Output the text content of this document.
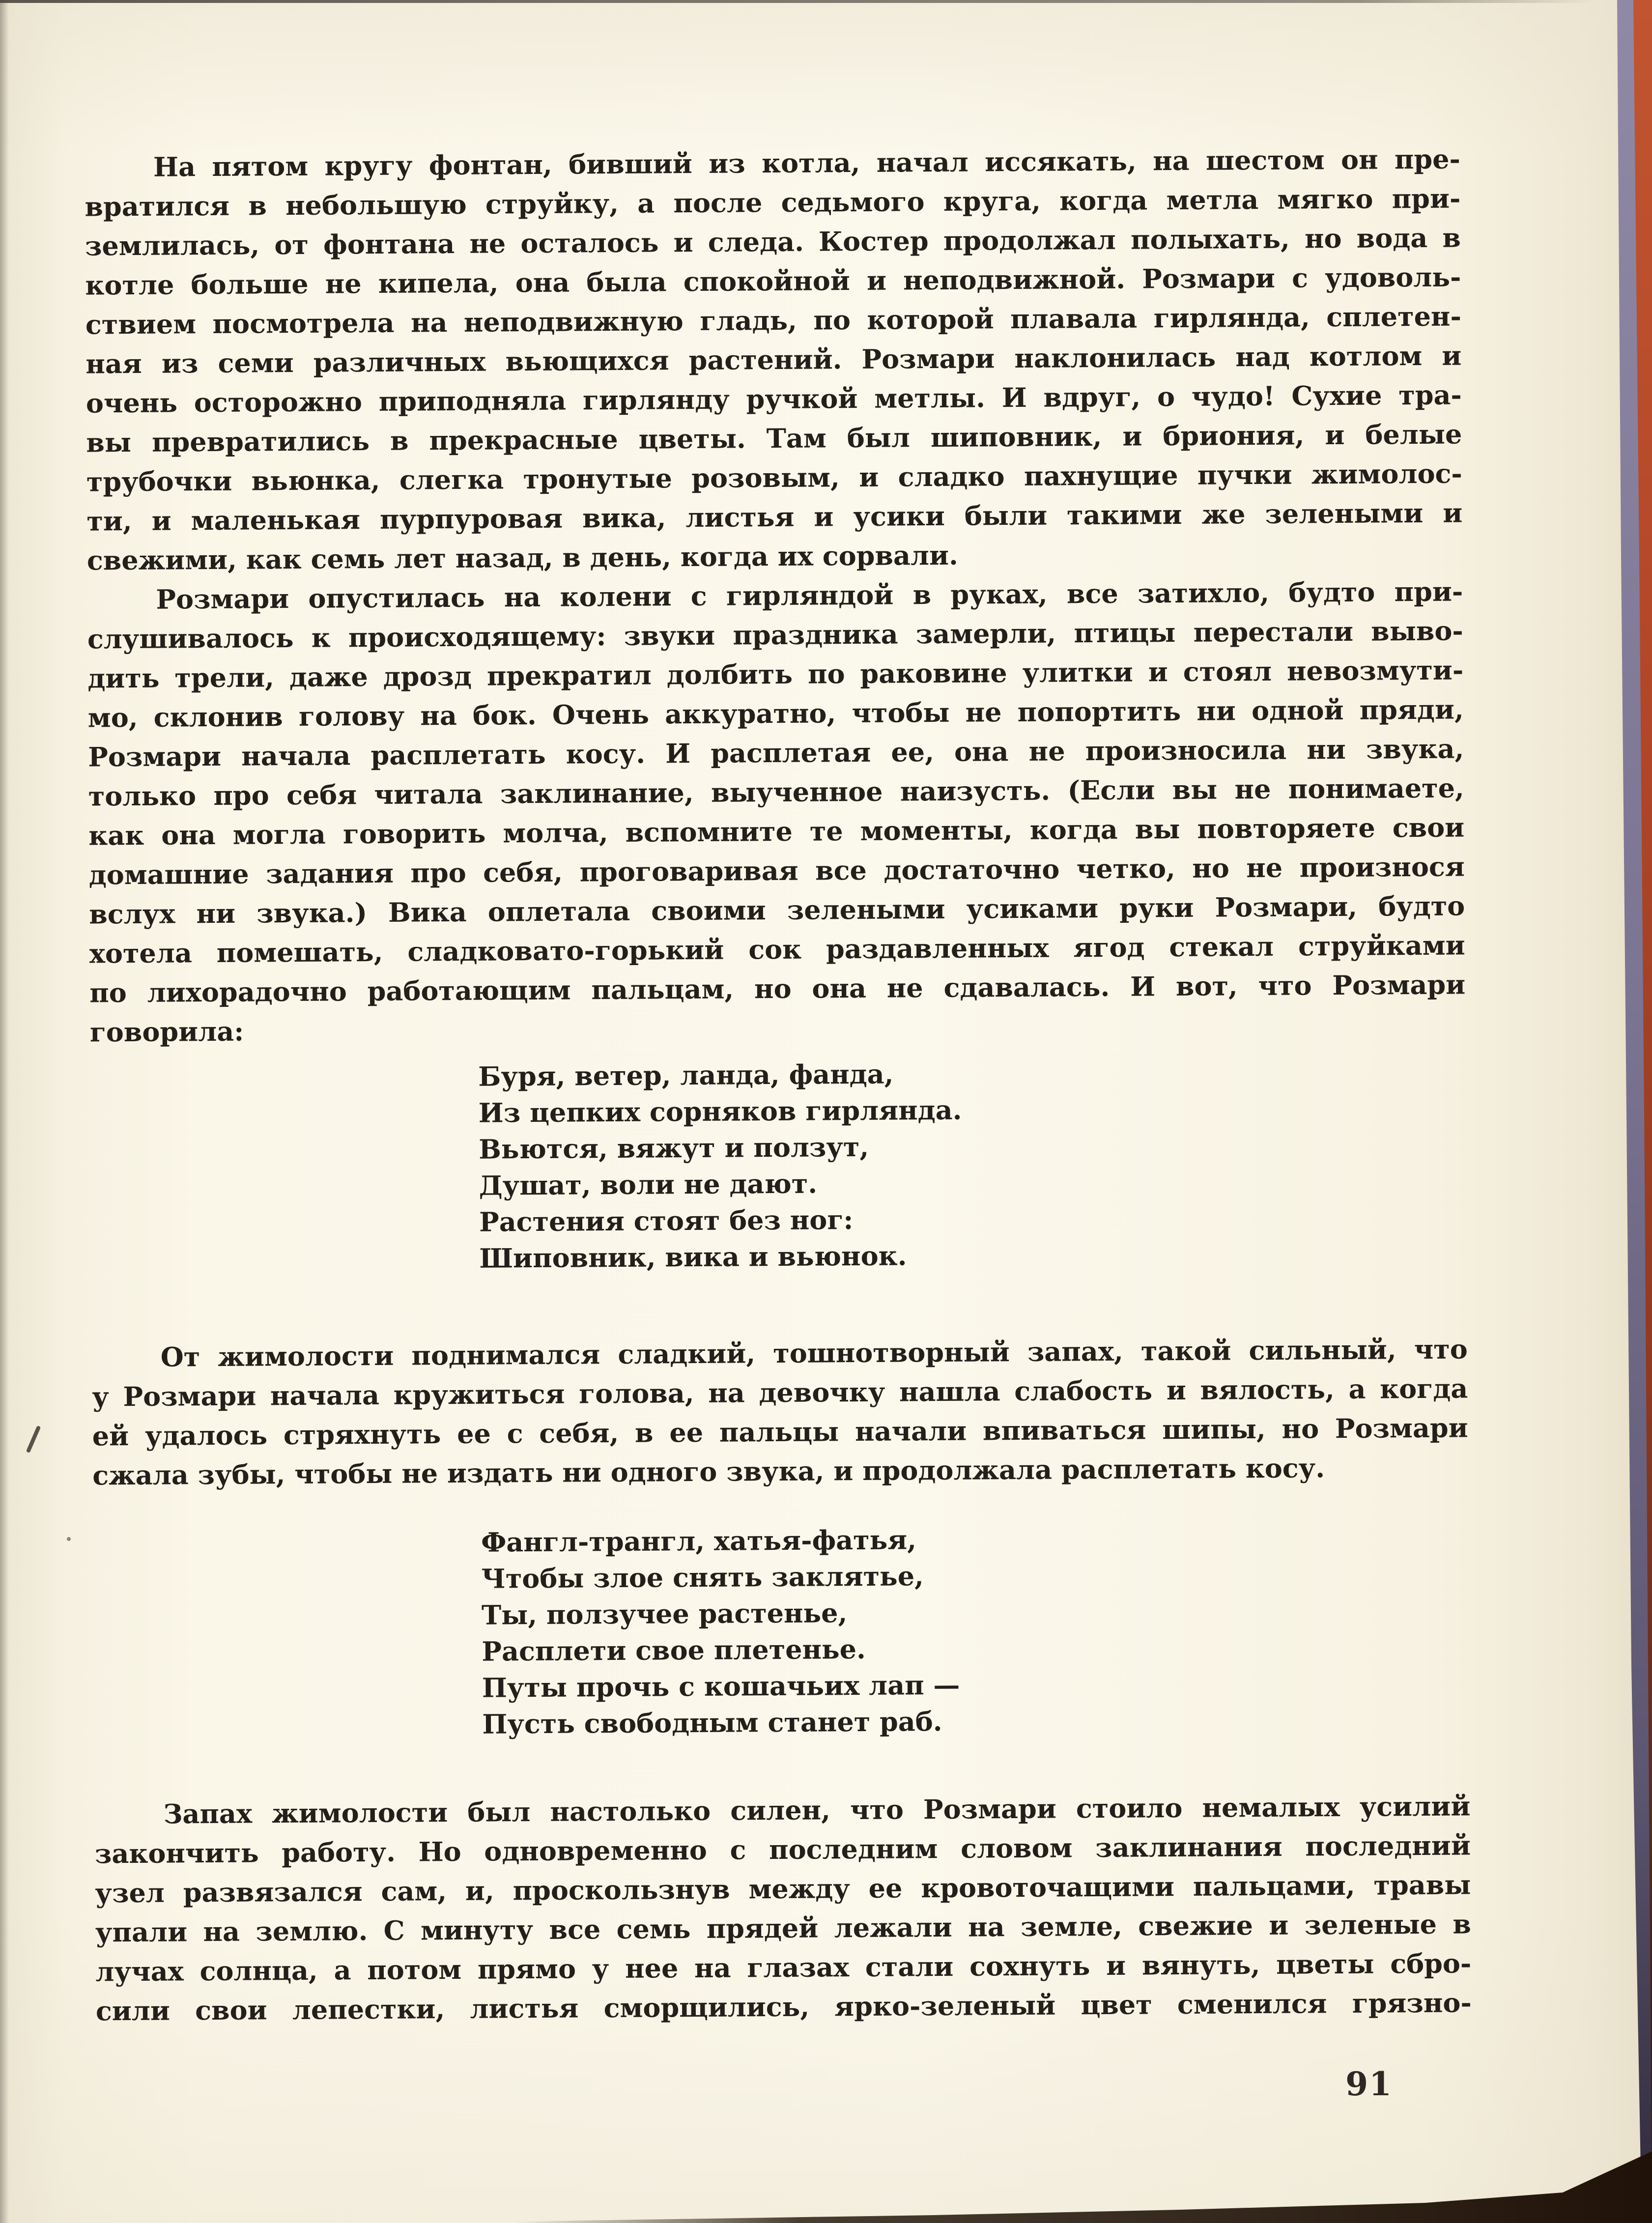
На пятом кругу фонтан, бивший из котла, начал иссякать, на шестом он пре-
вратился в небольшую струйку, а после седьмого круга, когда метла мягко при-
землилась, от фонтана не осталось и следа. Костер продолжал полыхать, но вода в
котле больше не кипела, она была спокойной и неподвижной. Розмари с удоволь-
ствием посмотрела на неподвижную гладь, по которой плавала гирлянда, сплетен-
ная из семи различных вьющихся растений. Розмари наклонилась над котлом и
очень осторожно приподняла гирлянду ручкой метлы. И вдруг, о чудо! Сухие тра-
вы превратились в прекрасные цветы. Там был шиповник, и бриония, и белые
трубочки вьюнка, слегка тронутые розовым, и сладко пахнущие пучки жимолос-
ти, и маленькая пурпуровая вика, листья и усики были такими же зелеными и
свежими, как семь лет назад, в день, когда их сорвали.
Розмари опустилась на колени с гирляндой в руках, все затихло, будто при-
слушивалось к происходящему: звуки праздника замерли, птицы перестали выво-
дить трели, даже дрозд прекратил долбить по раковине улитки и стоял невозмути-
мо, склонив голову на бок. Очень аккуратно, чтобы не попортить ни одной пряди,
Розмари начала расплетать косу. И расплетая ее, она не произносила ни звука,
только про себя читала заклинание, выученное наизусть. (Если вы не понимаете,
как она могла говорить молча, вспомните те моменты, когда вы повторяете свои
домашние задания про себя, проговаривая все достаточно четко, но не произнося
вслух ни звука.) Вика оплетала своими зелеными усиками руки Розмари, будто
хотела помешать, сладковато-горький сок раздавленных ягод стекал струйками
по лихорадочно работающим пальцам, но она не сдавалась. И вот, что Розмари
говорила:
Буря, ветер, ланда, фанда,
Из цепких сорняков гирлянда.
Вьются, вяжут и ползут,
Душат, воли не дают.
Растения стоят без ног:
Шиповник, вика и вьюнок.
От жимолости поднимался сладкий, тошнотворный запах, такой сильный, что
у Розмари начала кружиться голова, на девочку нашла слабость и вялость, а когда
ей удалось стряхнуть ее с себя, в ее пальцы начали впиваться шипы, но Розмари
сжала зубы, чтобы не издать ни одного звука, и продолжала расплетать косу.
Фангл-трангл, хатья-фатья,
Чтобы злое снять заклятье,
Ты, ползучее растенье,
Расплети свое плетенье.
Путы прочь с кошачьих лап —
Пусть свободным станет раб.
Запах жимолости был настолько силен, что Розмари стоило немалых усилий
закончить работу. Но одновременно с последним словом заклинания последний
узел развязался сам, и, проскользнув между ее кровоточащими пальцами, травы
упали на землю. С минуту все семь прядей лежали на земле, свежие и зеленые в
лучах солнца, а потом прямо у нее на глазах стали сохнуть и вянуть, цветы сбро-
сили свои лепестки, листья сморщились, ярко-зеленый цвет сменился грязно-
91
